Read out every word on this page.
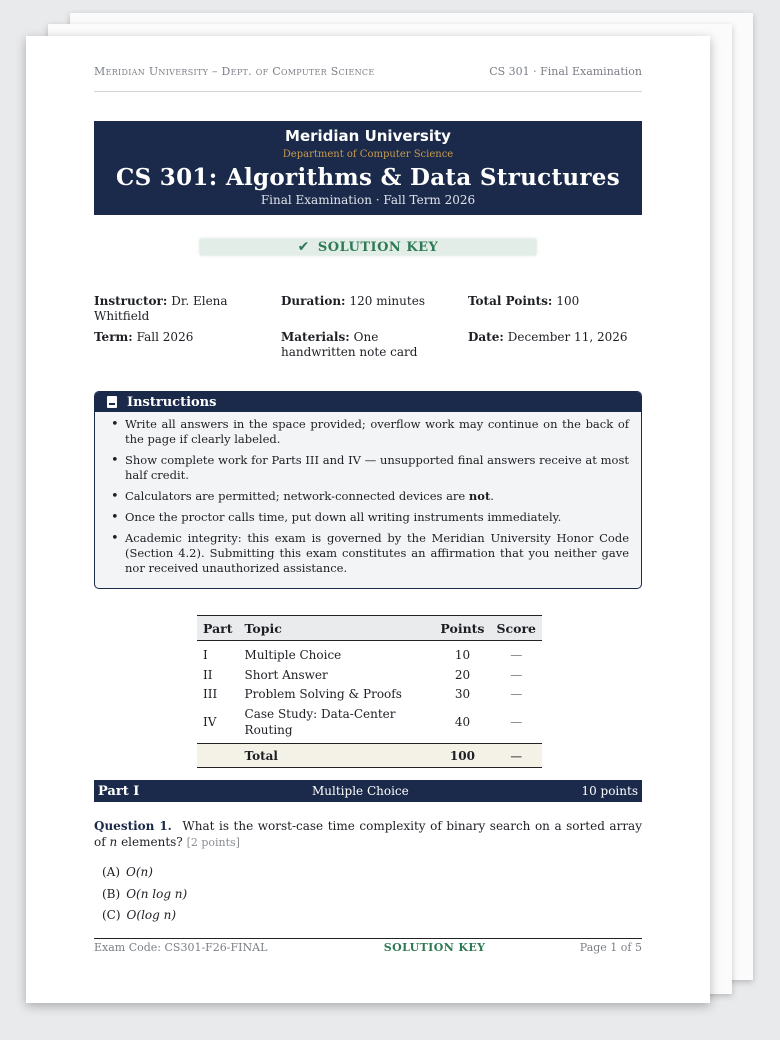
Meridian University – Dept. of Computer Science	CS 301 · Final Examination
Meridian University
Department of Computer Science
CS 301: Algorithms & Data Structures
Final Examination · Fall Term 2026
✔ SOLUTION KEY
Instructor: Dr. Elena Whitfield
Duration: 120 minutes	Total Points: 100
Term: Fall 2026	Materials: One handwritten note card
Date: December 11, 2026
Instructions
• Write all answers in the space provided; overflow work may continue on the back of the page if clearly labeled.
• Show complete work for Parts III and IV — unsupported final answers receive at most half credit.
• Calculators are permitted; network-connected devices are not.
• Once the proctor calls time, put down all writing instruments immediately.
• Academic integrity: this exam is governed by the Meridian University Honor Code (Section 4.2). Submitting this exam constitutes an affirmation that you neither gave nor received unauthorized assistance.

Part	Topic	Points	Score
I	Multiple Choice	10	—
II	Short Answer	20	—
III	Problem Solving & Proofs	30	—
IV	Case Study: Data-Center Routing	40	—
	Total	100	—
Part I	Multiple Choice	10 points
Question 1. What is the worst-case time complexity of binary search on a sorted array of n elements? [2 points]
(A) O(n)
(B) O(n log n)
(C) O(log n)
Exam Code: CS301-F26-FINAL	SOLUTION KEY	Page 1 of 5
